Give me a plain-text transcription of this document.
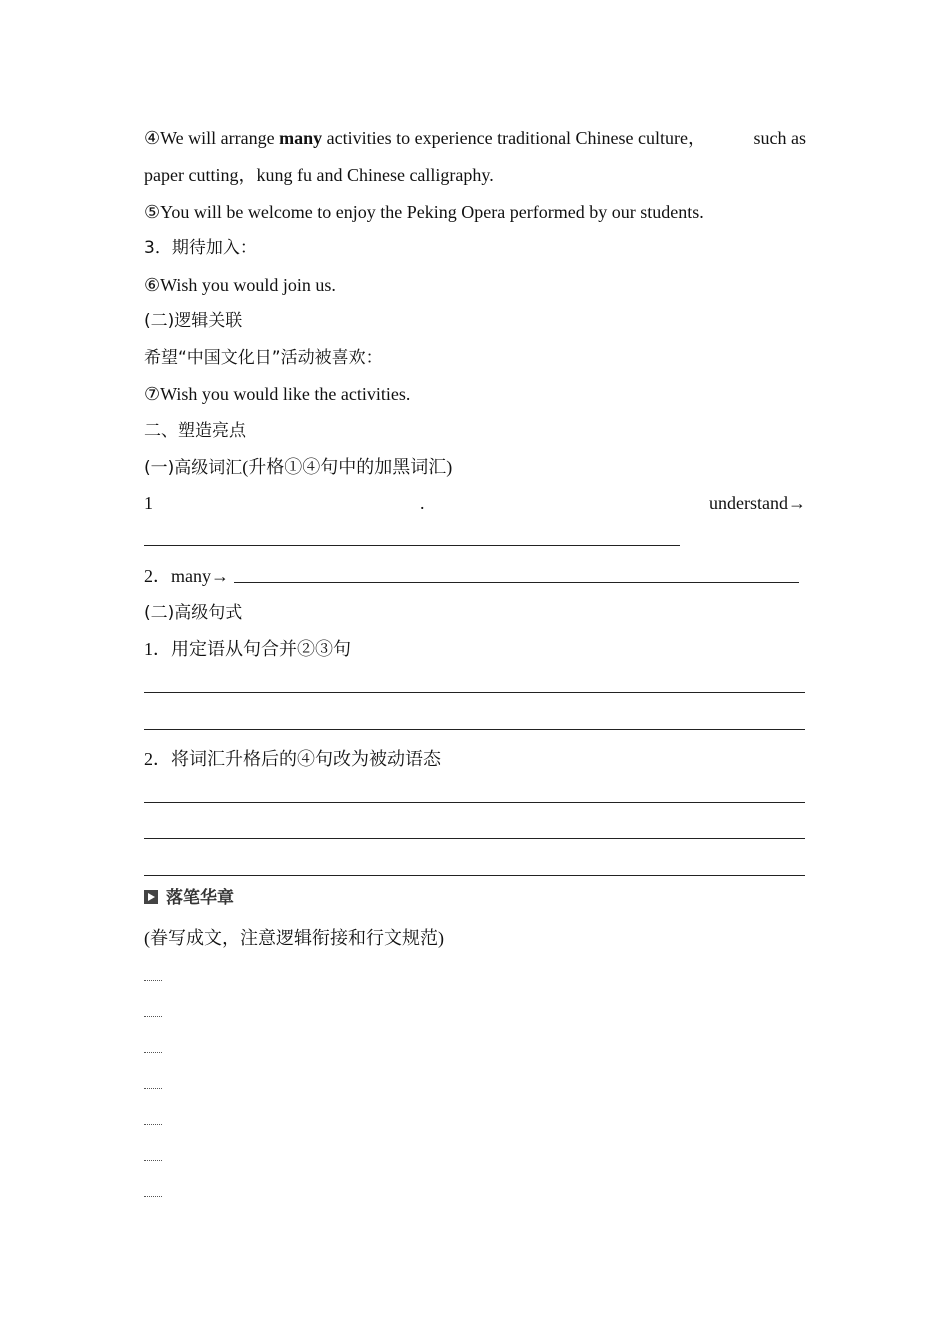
④We will arrange many activities to experience traditional Chinese culture，	such as
paper cutting，kung fu and Chinese calligraphy.
⑤You will be welcome to enjoy the Peking Opera performed by our students.
3．期待加入：
⑥Wish you would join us.
(二)逻辑关联
希望“中国文化日”活动被喜欢：
⑦Wish you would like the activities.
二、塑造亮点
(一)高级词汇(升格①④句中的加黑词汇)
1	.	understand→
2．many→
(二)高级句式
1．用定语从句合并②③句
2．将词汇升格后的④句改为被动语态
落笔华章
(眷写成文，注意逻辑衔接和行文规范)
